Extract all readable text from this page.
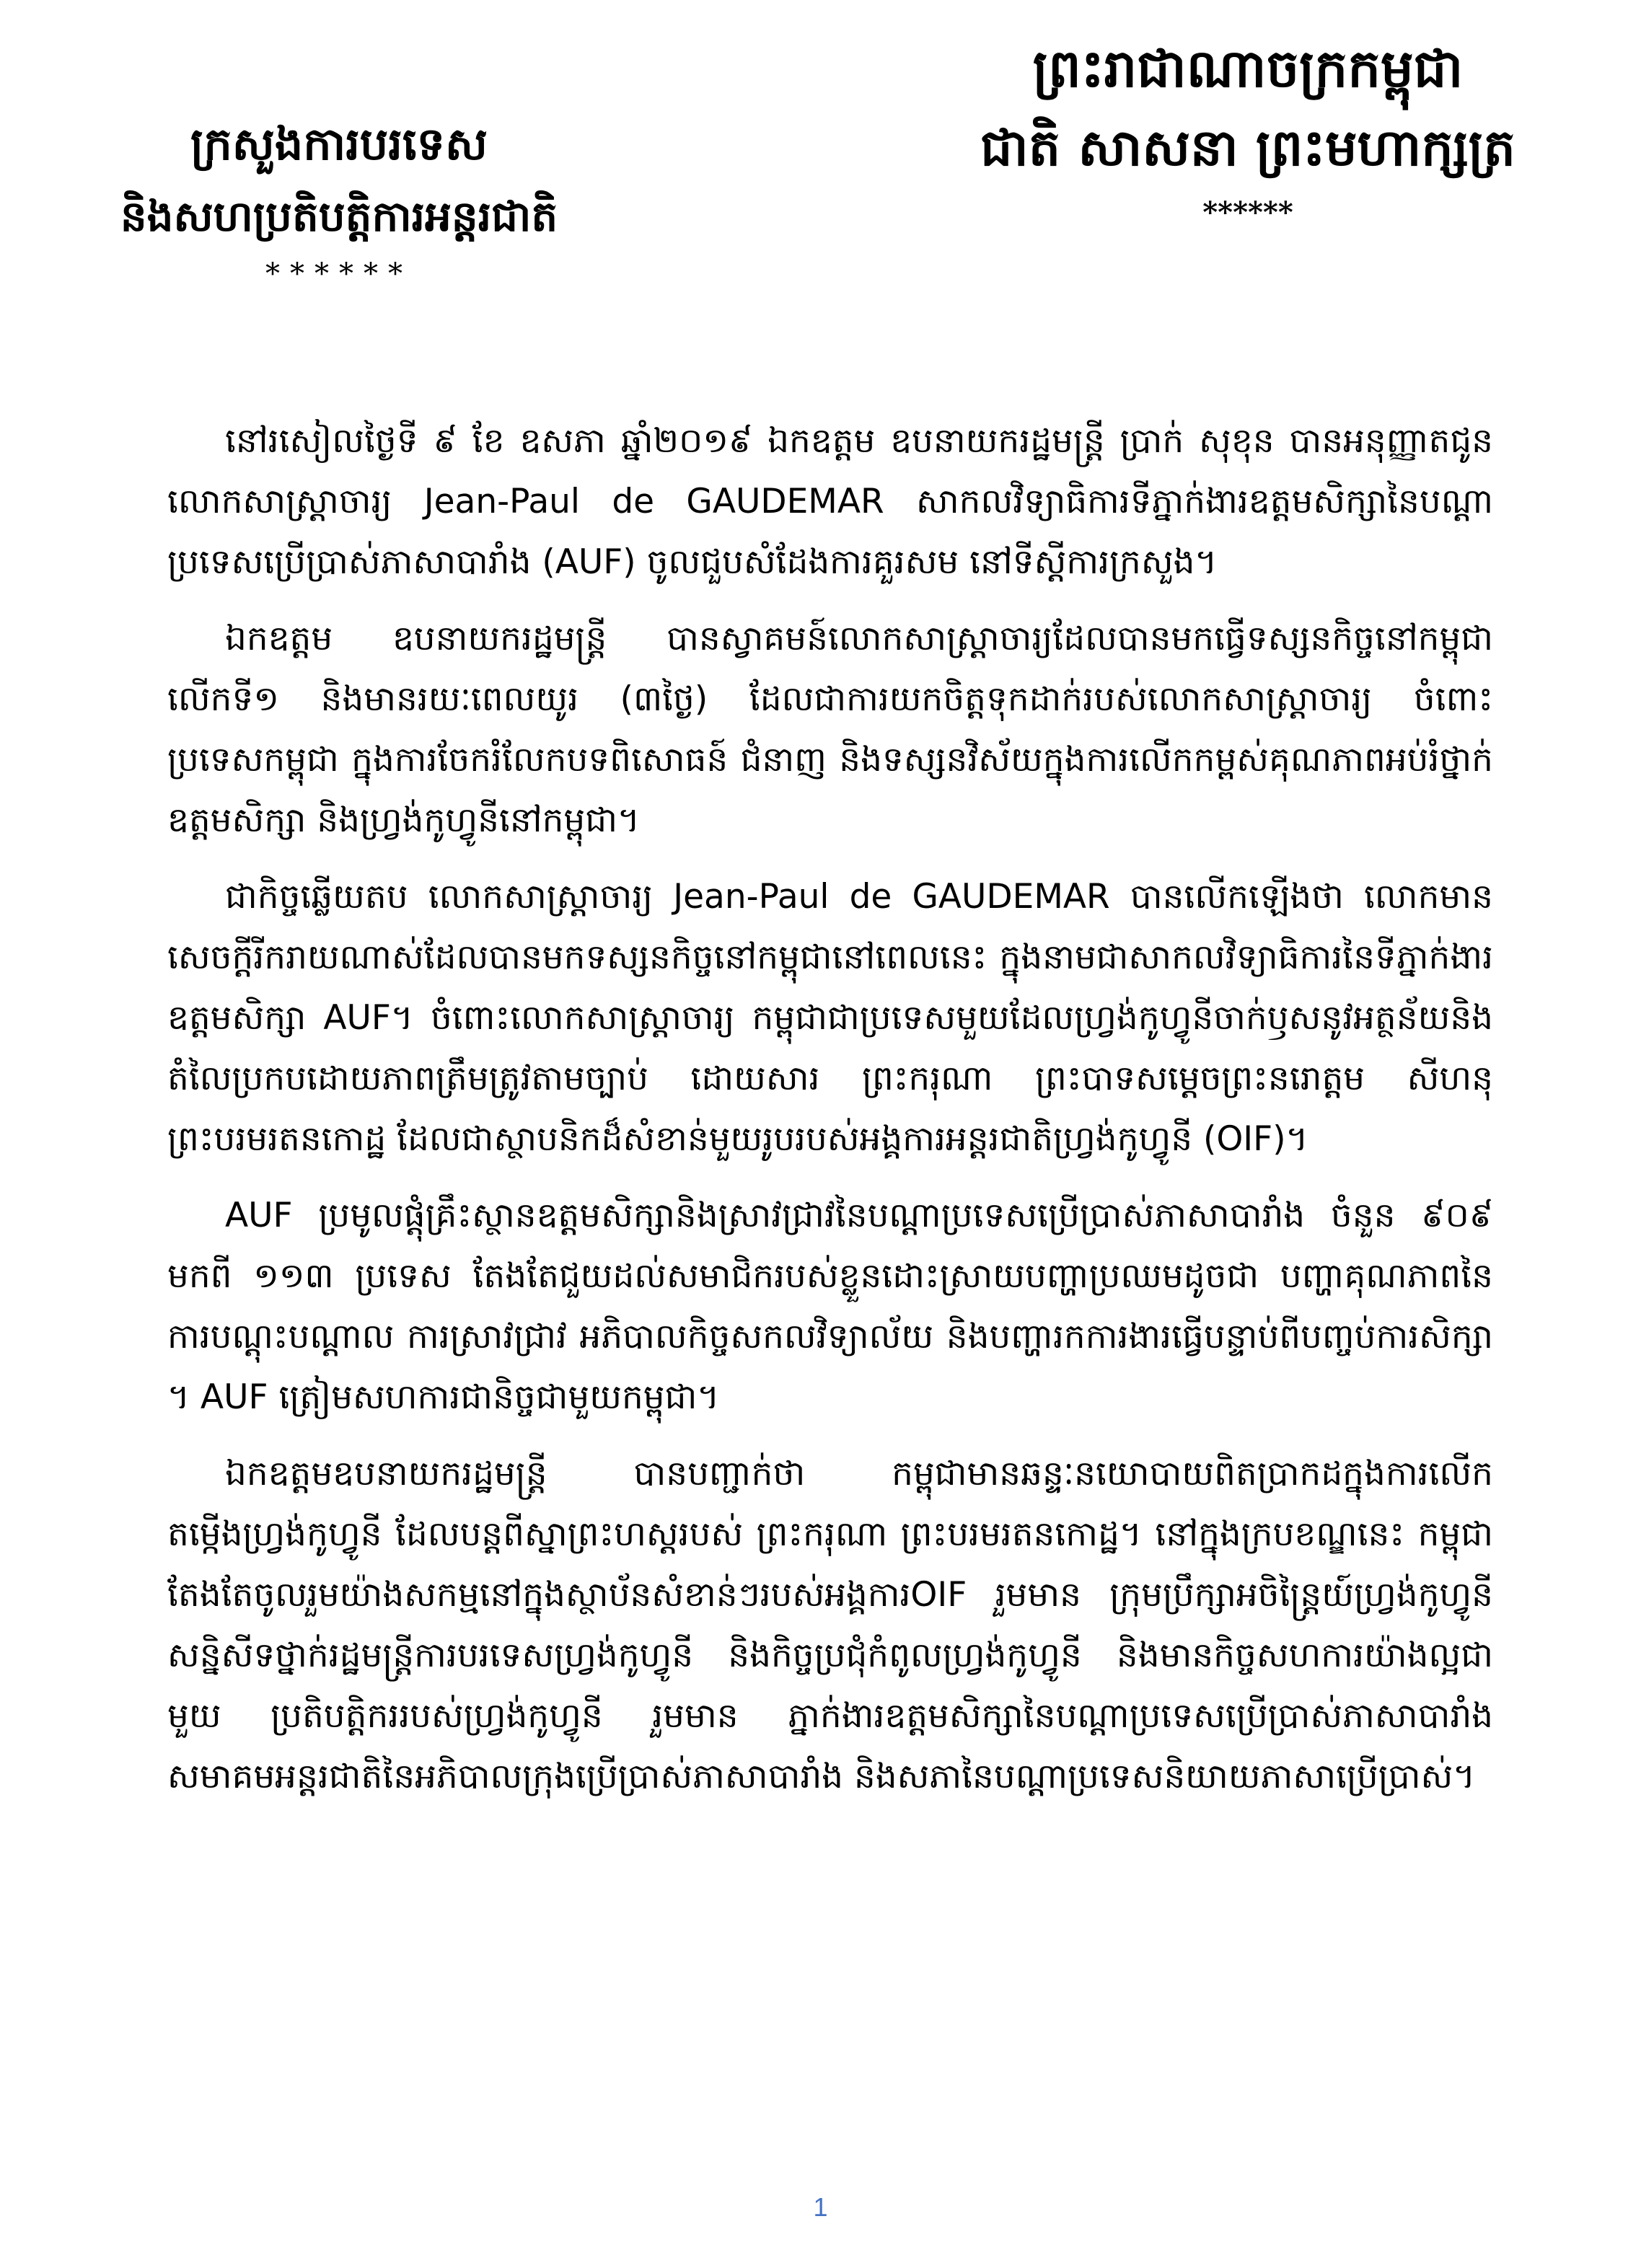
ព្រះរាជាណាចក្រកម្ពុជា
ជាតិ សាសនា ព្រះមហាក្សត្រ
******
ក្រសួងការបរទេស
និងសហប្រតិបត្តិការអន្តរជាតិ
******

នៅរសៀលថ្ងៃទី ៩ ខែ ឧសភា ឆ្នាំ២០១៩ ឯកឧត្តម ឧបនាយករដ្ឋមន្ត្រី ប្រាក់ សុខុន បានអនុញ្ញាតជូនលោកសាស្ត្រាចារ្យ Jean-Paul de GAUDEMAR សាកលវិទ្យាធិការទីភ្នាក់ងារឧត្តមសិក្សានៃបណ្តាប្រទេសប្រើប្រាស់ភាសាបារាំង (AUF) ចូលជួបសំដែងការគួរសម នៅទីស្តីការក្រសួង។

ឯកឧត្តម ឧបនាយករដ្ឋមន្ត្រី បានស្វាគមន៍លោកសាស្ត្រាចារ្យដែលបានមកធ្វើទស្សនកិច្ចនៅកម្ពុជាលើកទី១ និងមានរយៈពេលយូរ (៣ថ្ងៃ) ដែលជាការយកចិត្តទុកដាក់របស់លោកសាស្ត្រាចារ្យ ចំពោះប្រទេសកម្ពុជា ក្នុងការចែករំលែកបទពិសោធន៍ ជំនាញ និងទស្សនវិស័យក្នុងការលើកកម្ពស់គុណភាពអប់រំថ្នាក់ឧត្តមសិក្សា និងហ្វ្រង់កូហ្វូនីនៅកម្ពុជា។

ជាកិច្ចឆ្លើយតប លោកសាស្ត្រាចារ្យ Jean-Paul de GAUDEMAR បានលើកឡើងថា លោកមានសេចក្តីរីករាយណាស់ដែលបានមកទស្សនកិច្ចនៅកម្ពុជានៅពេលនេះ ក្នុងនាមជាសាកលវិទ្យាធិការនៃទីភ្នាក់ងារឧត្តមសិក្សា AUF។ ចំពោះលោកសាស្ត្រាចារ្យ កម្ពុជាជាប្រទេសមួយដែលហ្វ្រង់កូហ្វូនីចាក់ឫសនូវអត្ថន័យនិងតំលៃប្រកបដោយភាពត្រឹមត្រូវតាមច្បាប់ ដោយសារ ព្រះករុណា ព្រះបាទសម្តេចព្រះនរោត្តម សីហនុ ព្រះបរមរតនកោដ្ឋ ដែលជាស្ថាបនិកដ៏សំខាន់មួយរូបរបស់អង្គការអន្តរជាតិហ្វ្រង់កូហ្វូនី (OIF)។

AUF ប្រមូលផ្តុំគ្រឹះស្ថានឧត្តមសិក្សានិងស្រាវជ្រាវនៃបណ្តាប្រទេសប្រើប្រាស់ភាសាបារាំង ចំនួន ៩០៩ មកពី ១១៣ ប្រទេស តែងតែជួយដល់សមាជិករបស់ខ្លួនដោះស្រាយបញ្ហាប្រឈមដូចជា បញ្ហាគុណភាពនៃការបណ្តុះបណ្តាល ការស្រាវជ្រាវ អភិបាលកិច្ចសកលវិទ្យាល័យ និងបញ្ហារកការងារធ្វើបន្ទាប់ពីបញ្ចប់ការសិក្សា ។ AUF ត្រៀមសហការជានិច្ចជាមួយកម្ពុជា។

ឯកឧត្តមឧបនាយករដ្ឋមន្ត្រី បានបញ្ជាក់ថា កម្ពុជាមានឆន្ទៈនយោបាយពិតប្រាកដក្នុងការលើកតម្កើងហ្វ្រង់កូហ្វូនី ដែលបន្តពីស្នាព្រះហស្តរបស់ ព្រះករុណា ព្រះបរមរតនកោដ្ឋ។ នៅក្នុងក្របខណ្ឌនេះ កម្ពុជាតែងតែចូលរួមយ៉ាងសកម្មនៅក្នុងស្ថាប័នសំខាន់ៗរបស់អង្គការOIF រួមមាន ក្រុមប្រឹក្សាអចិន្ត្រៃយ៍ហ្វ្រង់កូហ្វូនីសន្និសីទថ្នាក់រដ្ឋមន្ត្រីការបរទេសហ្វ្រង់កូហ្វូនី និងកិច្ចប្រជុំកំពូលហ្វ្រង់កូហ្វូនី និងមានកិច្ចសហការយ៉ាងល្អជាមួយ ប្រតិបត្តិកររបស់ហ្វ្រង់កូហ្វូនី រួមមាន ភ្នាក់ងារឧត្តមសិក្សានៃបណ្តាប្រទេសប្រើប្រាស់ភាសាបារាំង សមាគមអន្តរជាតិនៃអភិបាលក្រុងប្រើប្រាស់ភាសាបារាំង និងសភានៃបណ្តាប្រទេសនិយាយភាសាប្រើប្រាស់។

1
